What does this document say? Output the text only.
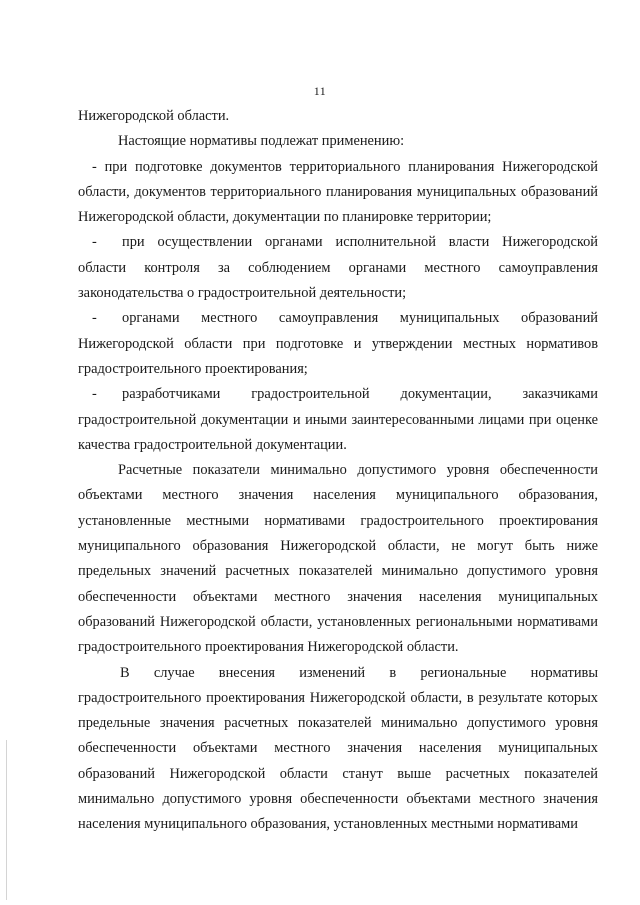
11

Нижегородской области.

Настоящие нормативы подлежат применению:

- при подготовке документов территориального планирования Нижегородской области, документов территориального планирования муниципальных образований Нижегородской области, документации по планировке территории;

- при осуществлении органами исполнительной власти Нижегородской области контроля за соблюдением органами местного самоуправления законодательства о градостроительной деятельности;

- органами местного самоуправления муниципальных образований Нижегородской области при подготовке и утверждении местных нормативов градостроительного проектирования;

- разработчиками градостроительной документации, заказчиками градостроительной документации и иными заинтересованными лицами при оценке качества градостроительной документации.

Расчетные показатели минимально допустимого уровня обеспеченности объектами местного значения населения муниципального образования, установленные местными нормативами градостроительного проектирования муниципального образования Нижегородской области, не могут быть ниже предельных значений расчетных показателей минимально допустимого уровня обеспеченности объектами местного значения населения муниципальных образований Нижегородской области, установленных региональными нормативами градостроительного проектирования Нижегородской области.

В случае внесения изменений в региональные нормативы
градостроительного проектирования Нижегородской области, в результате которых предельные значения расчетных показателей минимально допустимого уровня обеспеченности объектами местного значения населения муниципальных образований Нижегородской области станут выше расчетных показателей минимально допустимого уровня обеспеченности объектами местного значения населения муниципального образования, установленных местными нормативами
